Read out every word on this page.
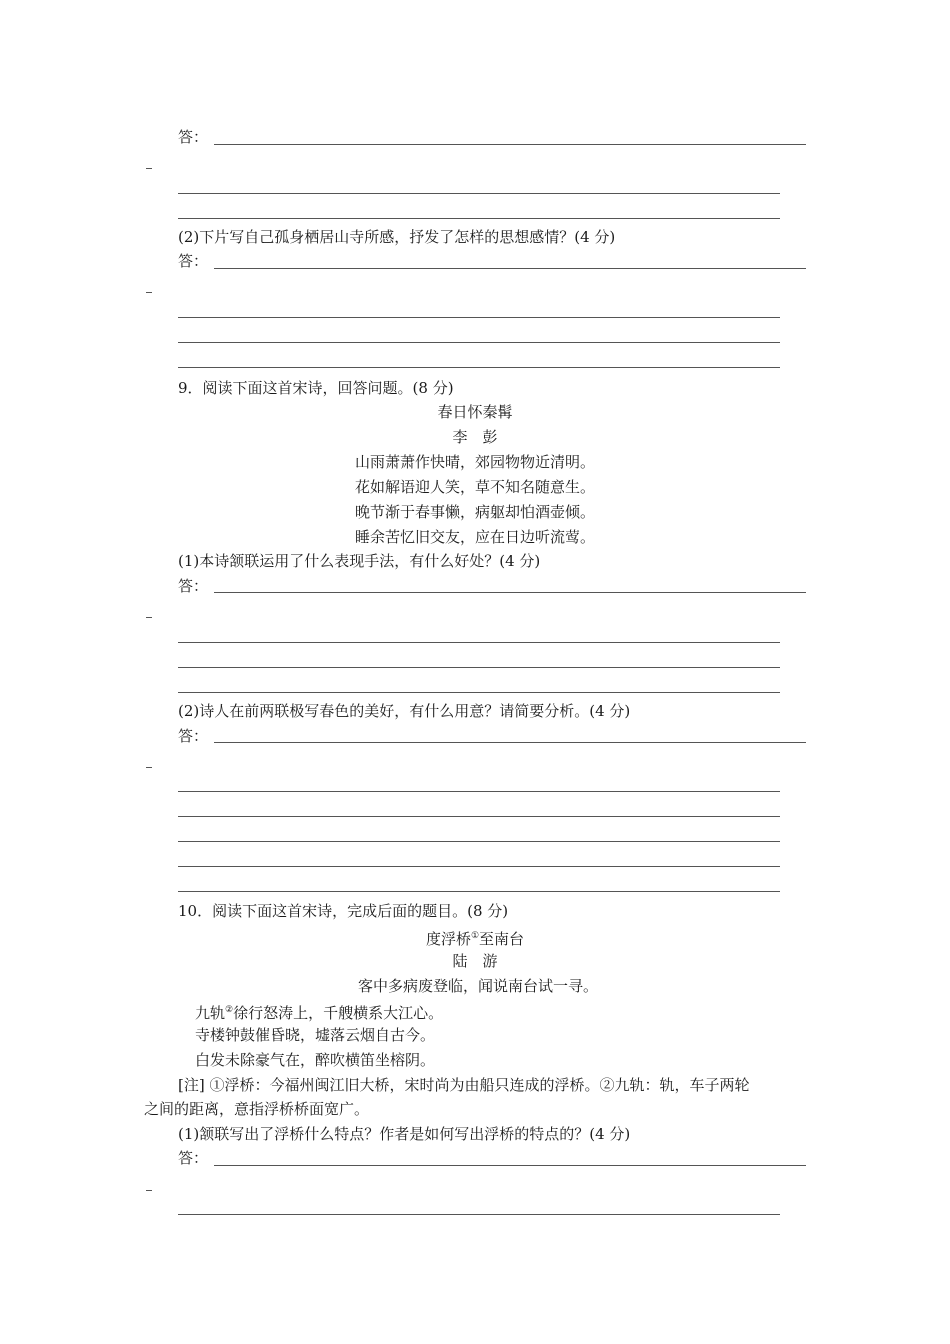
答：
(2)下片写自己孤身栖居山寺所感，抒发了怎样的思想感情？(4 分)
答：
9．阅读下面这首宋诗，回答问题。(8 分)
春日怀秦髯
李　彭
山雨萧萧作快晴，郊园物物近清明。
花如解语迎人笑，草不知名随意生。
晚节渐于春事懒，病躯却怕酒壶倾。
睡余苦忆旧交友，应在日边听流莺。
(1)本诗颔联运用了什么表现手法，有什么好处？(4 分)
答：
(2)诗人在前两联极写春色的美好，有什么用意？请简要分析。(4 分)
答：
10．阅读下面这首宋诗，完成后面的题目。(8 分)
度浮桥①至南台
陆　游
客中多病废登临，闻说南台试一寻。
九轨②徐行怒涛上，千艘横系大江心。
寺楼钟鼓催昏晓，墟落云烟自古今。
白发未除豪气在，醉吹横笛坐榕阴。
[注] ①浮桥：今福州闽江旧大桥，宋时尚为由船只连成的浮桥。②九轨：轨，车子两轮
之间的距离，意指浮桥桥面宽广。
(1)颔联写出了浮桥什么特点？作者是如何写出浮桥的特点的？(4 分)
答：
